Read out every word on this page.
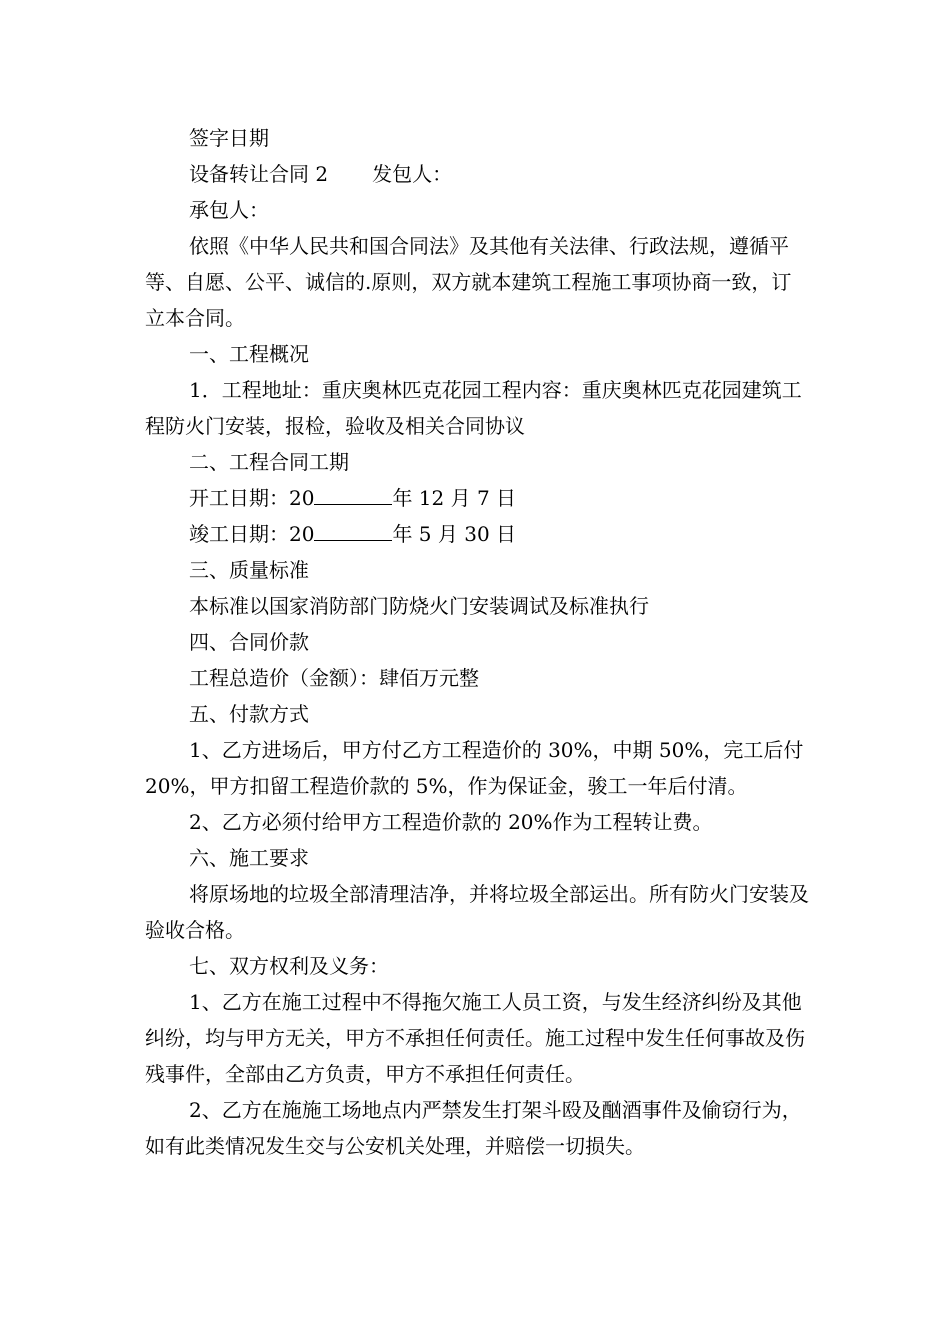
签字日期

设备转让合同 2 发包人：

承包人：

依照《中华人民共和国合同法》及其他有关法律、行政法规，遵循平等、自愿、公平、诚信的.原则，双方就本建筑工程施工事项协商一致，订立本合同。

一、工程概况

1．工程地址：重庆奥林匹克花园工程内容：重庆奥林匹克花园建筑工程防火门安装，报检，验收及相关合同协议

二、工程合同工期

开工日期：20	年 12 月 7 日

竣工日期：20	年 5 月 30 日

三、质量标准

本标准以国家消防部门防烧火门安装调试及标准执行

四、合同价款

工程总造价（金额）：肆佰万元整

五、付款方式

1、乙方进场后，甲方付乙方工程造价的 30%，中期 50%，完工后付 20%，甲方扣留工程造价款的 5%，作为保证金，骏工一年后付清。

2、乙方必须付给甲方工程造价款的 20%作为工程转让费。

六、施工要求

将原场地的垃圾全部清理洁净，并将垃圾全部运出。所有防火门安装及验收合格。

七、双方权利及义务：

1、乙方在施工过程中不得拖欠施工人员工资，与发生经济纠纷及其他纠纷，均与甲方无关，甲方不承担任何责任。施工过程中发生任何事故及伤残事件，全部由乙方负责，甲方不承担任何责任。

2、乙方在施施工场地点内严禁发生打架斗殴及酗酒事件及偷窃行为，如有此类情况发生交与公安机关处理，并赔偿一切损失。
